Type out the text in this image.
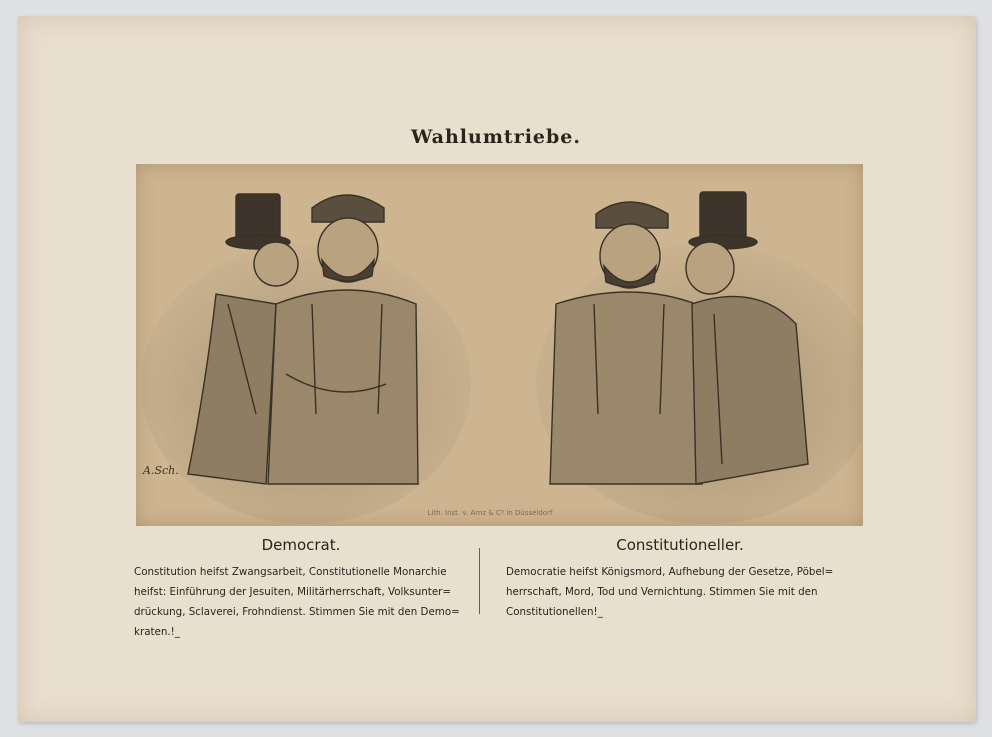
Wahlumtriebe.
A.Sch.
Lith. Inst. v. Arnz & Cº in Düsseldorf
Democrat.	Constitutioneller.

Constitution heifst Zwangsarbeit, Constitutionelle Monarchie
heifst: Einführung der Jesuiten, Militärherrschaft, Volksunter=
drückung, Sclaverei, Frohndienst. Stimmen Sie mit den Demo=
kraten.!_

Democratie heifst Königsmord, Aufhebung der Gesetze, Pöbel=
herrschaft, Mord, Tod und Vernichtung. Stimmen Sie mit den
Constitutionellen!_
